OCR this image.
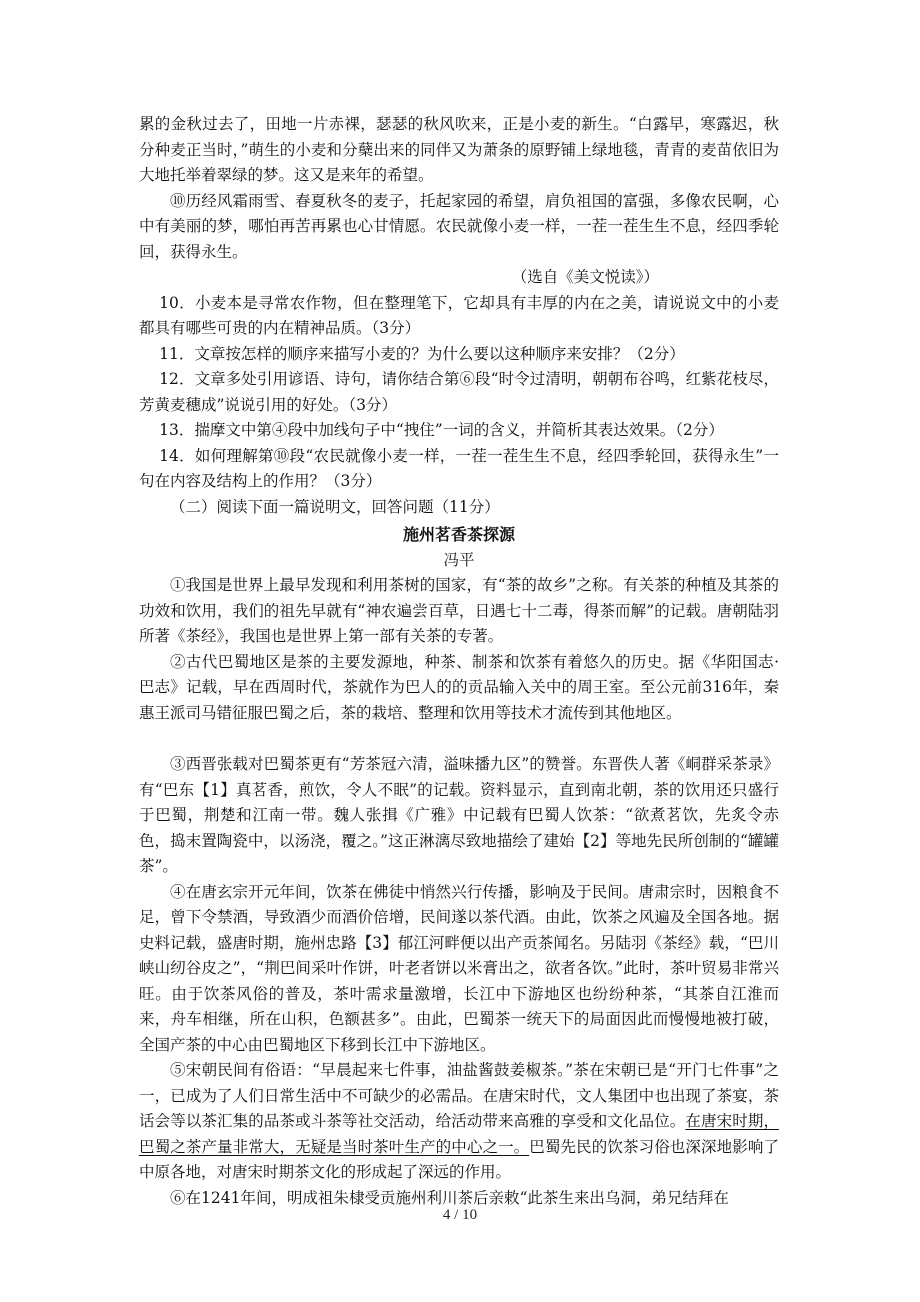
累的金秋过去了，田地一片赤裸，瑟瑟的秋风吹来，正是小麦的新生。“白露早，寒露迟，秋分种麦正当时，”萌生的小麦和分蘖出来的同伴又为萧条的原野铺上绿地毯，青青的麦苗依旧为大地托举着翠绿的梦。这又是来年的希望。

⑩历经风霜雨雪、春夏秋冬的麦子，托起家园的希望，肩负祖国的富强，多像农民啊，心中有美丽的梦，哪怕再苦再累也心甘情愿。农民就像小麦一样，一茬一茬生生不息，经四季轮回，获得永生。

（选自《美文悦读》）

10．小麦本是寻常农作物，但在整理笔下，它却具有丰厚的内在之美，请说说文中的小麦都具有哪些可贵的内在精神品质。（3分）

11．文章按怎样的顺序来描写小麦的？为什么要以这种顺序来安排？（2分）

12．文章多处引用谚语、诗句，请你结合第⑥段“时令过清明，朝朝布谷鸣，红紫花枝尽，芳黄麦穗成”说说引用的好处。（3分）

13．揣摩文中第④段中加线句子中“拽住”一词的含义，并简析其表达效果。（2分）

14．如何理解第⑩段“农民就像小麦一样，一茬一茬生生不息，经四季轮回，获得永生”一句在内容及结构上的作用？（3分）

（二）阅读下面一篇说明文，回答问题（11分）

施州茗香茶探源

冯平

①我国是世界上最早发现和利用茶树的国家，有“茶的故乡”之称。有关茶的种植及其茶的功效和饮用，我们的祖先早就有“神农遍尝百草，日遇七十二毒，得茶而解”的记载。唐朝陆羽所著《茶经》，我国也是世界上第一部有关茶的专著。

②古代巴蜀地区是茶的主要发源地，种茶、制茶和饮茶有着悠久的历史。据《华阳国志·巴志》记载，早在西周时代，茶就作为巴人的的贡品输入关中的周王室。至公元前316年，秦惠王派司马错征服巴蜀之后，茶的栽培、整理和饮用等技术才流传到其他地区。

③西晋张载对巴蜀茶更有“芳茶冠六清，溢味播九区”的赞誉。东晋佚人著《峒群采茶录》有“巴东【1】真茗香，煎饮，令人不眠”的记载。资料显示，直到南北朝，茶的饮用还只盛行于巴蜀，荆楚和江南一带。魏人张揖《广雅》中记载有巴蜀人饮茶：“欲煮茗饮，先炙令赤色，捣末置陶瓷中，以汤浇，覆之。”这正淋漓尽致地描绘了建始【2】等地先民所创制的“罐罐茶”。

④在唐玄宗开元年间，饮茶在佛徒中悄然兴行传播，影响及于民间。唐肃宗时，因粮食不足，曾下令禁酒，导致酒少而酒价倍增，民间遂以茶代酒。由此，饮茶之风遍及全国各地。据史料记载，盛唐时期，施州忠路【3】郁江河畔便以出产贡茶闻名。另陆羽《茶经》载，“巴川峡山纫谷皮之”，“荆巴间采叶作饼，叶老者饼以米膏出之，欲者各饮。”此时，茶叶贸易非常兴旺。由于饮茶风俗的普及，茶叶需求量激增，长江中下游地区也纷纷种茶，“其茶自江淮而来，舟车相继，所在山积，色额甚多”。由此，巴蜀茶一统天下的局面因此而慢慢地被打破，全国产茶的中心由巴蜀地区下移到长江中下游地区。

⑤宋朝民间有俗语：“早晨起来七件事，油盐酱鼓姜椒茶。”茶在宋朝已是“开门七件事”之一，已成为了人们日常生活中不可缺少的必需品。在唐宋时代，文人集团中也出现了茶宴，茶话会等以茶汇集的品茶或斗茶等社交活动，给活动带来高雅的享受和文化品位。在唐宋时期，巴蜀之茶产量非常大，无疑是当时茶叶生产的中心之一。巴蜀先民的饮茶习俗也深深地影响了中原各地，对唐宋时期茶文化的形成起了深远的作用。

⑥在1241年间，明成祖朱棣受贡施州利川茶后亲敕“此茶生来出乌洞，弟兄结拜在

4 / 10
